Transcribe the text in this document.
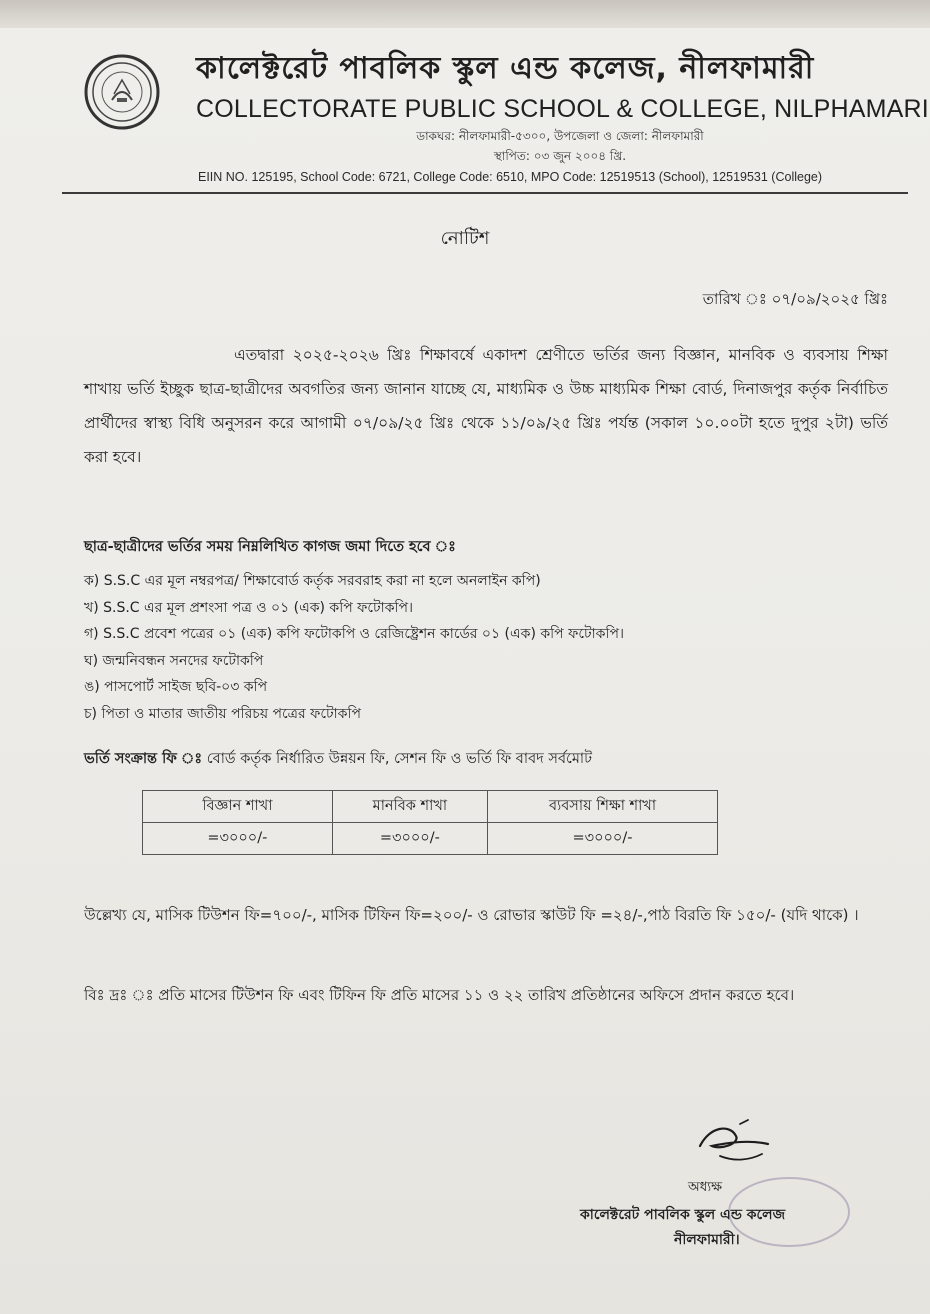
কালেক্টরেট পাবলিক স্কুল এন্ড কলেজ, নীলফামারী
COLLECTORATE PUBLIC SCHOOL & COLLEGE, NILPHAMARI
ডাকঘর: নীলফামারী-৫৩০০, উপজেলা ও জেলা: নীলফামারী
স্থাপিত: ০৩ জুন ২০০৪ খ্রি.
EIIN NO. 125195, School Code: 6721, College Code: 6510, MPO Code: 12519513 (School), 12519531 (College)
নোটিশ
তারিখ ঃ ০৭/০৯/২০২৫ খ্রিঃ
এতদ্বারা ২০২৫-২০২৬ খ্রিঃ শিক্ষাবর্ষে একাদশ শ্রেণীতে ভর্তির জন্য বিজ্ঞান, মানবিক ও ব্যবসায় শিক্ষা শাখায় ভর্তি ইচ্ছুক ছাত্র-ছাত্রীদের অবগতির জন্য জানান যাচ্ছে যে, মাধ্যমিক ও উচ্চ মাধ্যমিক শিক্ষা বোর্ড, দিনাজপুর কর্তৃক নির্বাচিত প্রার্থীদের স্বাস্থ্য বিধি অনুসরন করে আগামী ০৭/০৯/২৫ খ্রিঃ থেকে ১১/০৯/২৫ খ্রিঃ পর্যন্ত (সকাল ১০.০০টা হতে দুপুর ২টা) ভর্তি করা হবে।
ছাত্র-ছাত্রীদের ভর্তির সময় নিম্নলিখিত কাগজ জমা দিতে হবে ঃ
ক) S.S.C এর মূল নম্বরপত্র/ শিক্ষাবোর্ড কর্তৃক সরবরাহ করা না হলে অনলাইন কপি)
খ) S.S.C এর মূল প্রশংসা পত্র ও ০১ (এক) কপি ফটোকপি।
গ) S.S.C প্রবেশ পত্রের ০১ (এক) কপি ফটোকপি ও রেজিষ্ট্রেশন কার্ডের ০১ (এক) কপি ফটোকপি।
ঘ) জন্মনিবন্ধন সনদের ফটোকপি
ঙ) পাসপোর্ট সাইজ ছবি-০৩ কপি
চ) পিতা ও মাতার জাতীয় পরিচয় পত্রের ফটোকপি
ভর্তি সংক্রান্ত ফি ঃ বোর্ড কর্তৃক নির্ধারিত উন্নয়ন ফি, সেশন ফি ও ভর্তি ফি বাবদ সর্বমোট
বিজ্ঞান শাখা	মানবিক শাখা	ব্যবসায় শিক্ষা শাখা
=৩০০০/-	=৩০০০/-	=৩০০০/-
উল্লেখ্য যে, মাসিক টিউশন ফি=৭০০/-, মাসিক টিফিন ফি=২০০/- ও রোভার স্কাউট ফি =২৪/-,পাঠ বিরতি ফি ১৫০/- (যদি থাকে) ।
বিঃ দ্রঃ ঃ প্রতি মাসের টিউশন ফি এবং টিফিন ফি প্রতি মাসের ১১ ও ২২ তারিখ প্রতিষ্ঠানের অফিসে প্রদান করতে হবে।
অধ্যক্ষ
কালেক্টরেট পাবলিক স্কুল এন্ড কলেজ
নীলফামারী।
